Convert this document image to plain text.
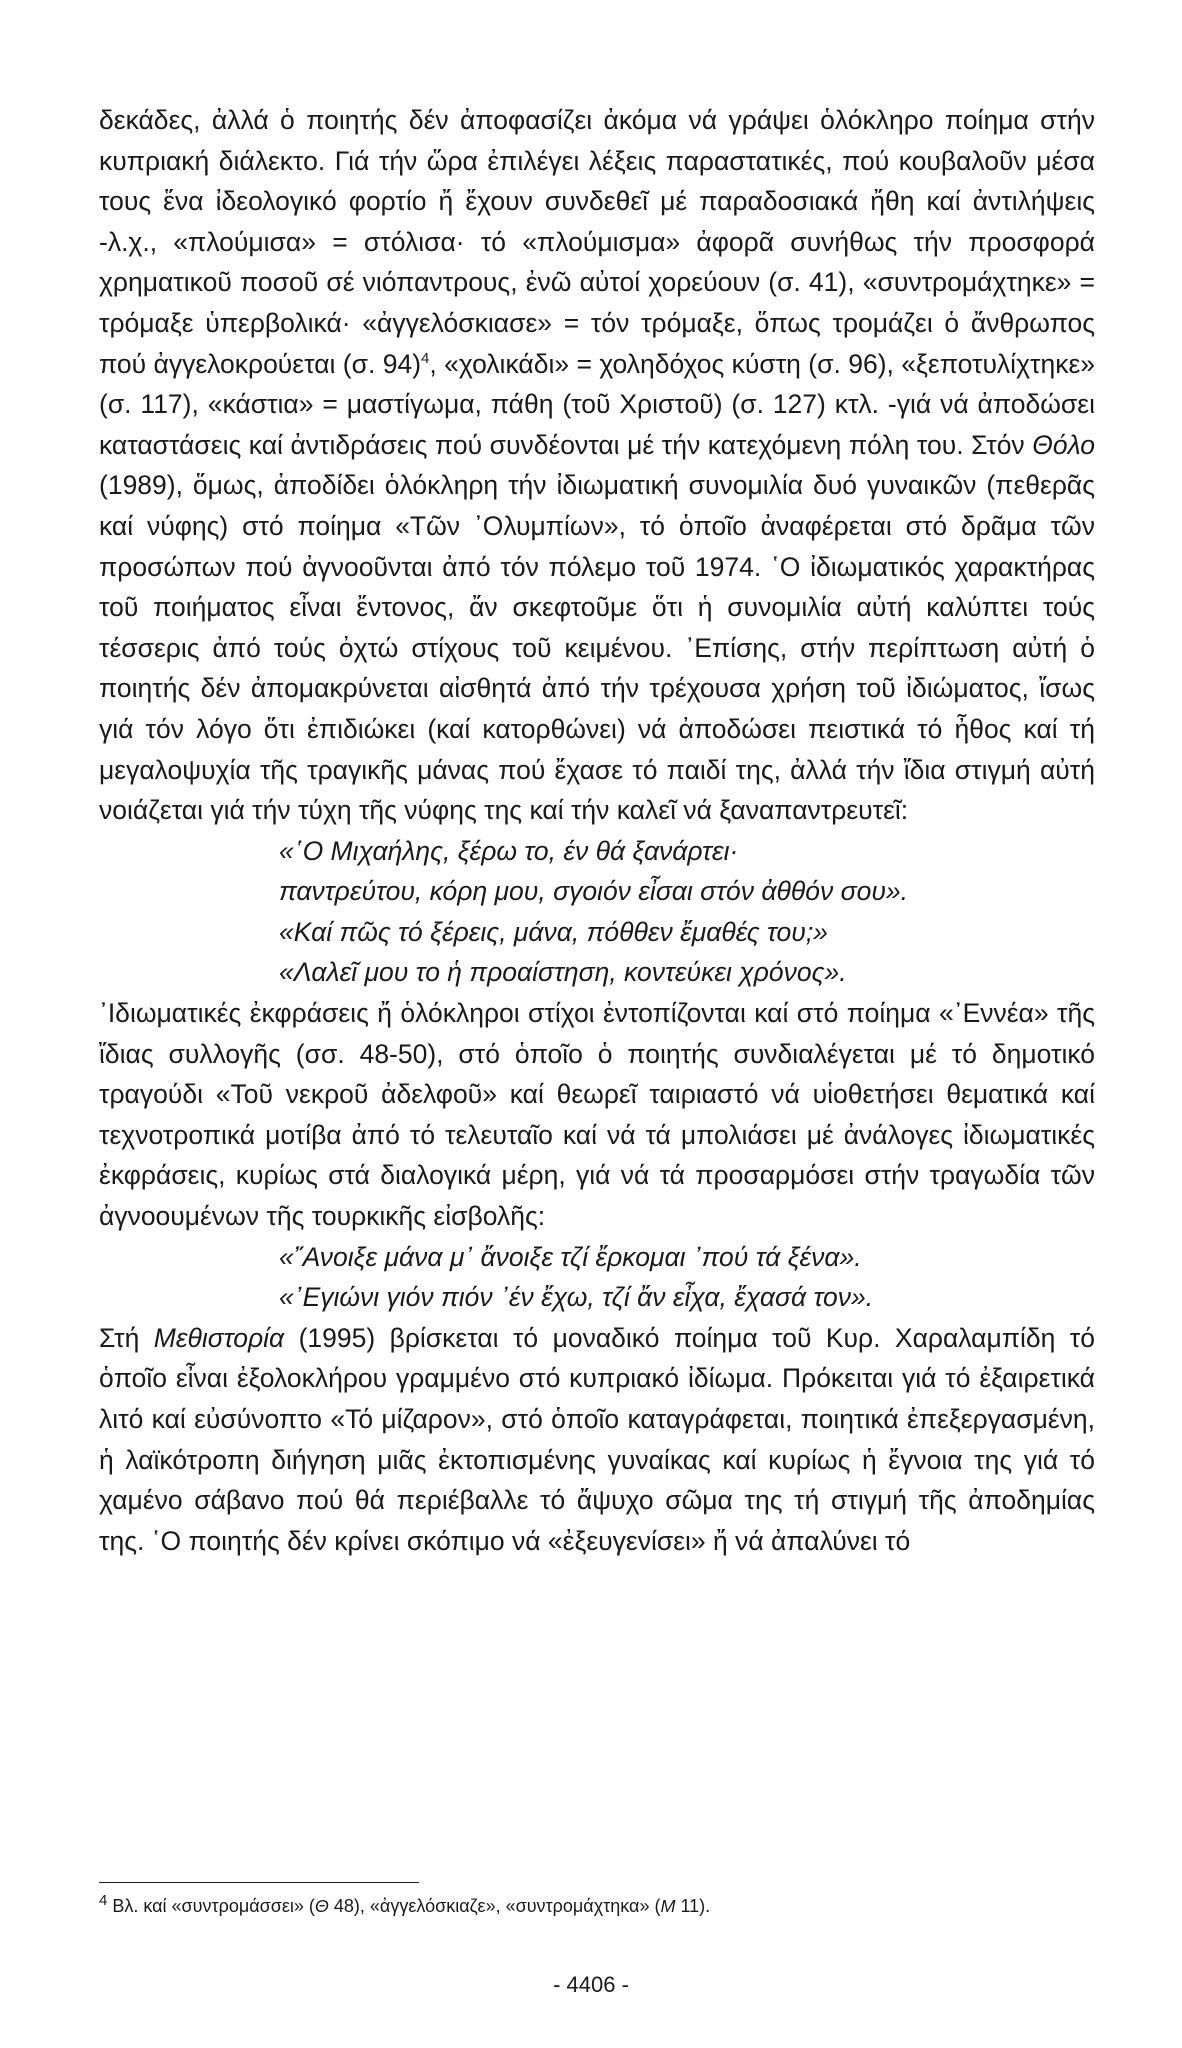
δεκάδες, ἀλλά ὁ ποιητής δέν ἀποφασίζει ἀκόμα νά γράψει ὁλόκληρο ποίημα στήν κυπριακή διάλεκτο. Γιά τήν ὥρα ἐπιλέγει λέξεις παραστατικές, πού κουβαλοῦν μέσα τους ἕνα ἰδεολογικό φορτίο ἤ ἔχουν συνδεθεῖ μέ παραδοσιακά ἤθη καί ἀντιλήψεις -λ.χ., «πλούμισα» = στόλισα· τό «πλούμισμα» ἀφορᾶ συνήθως τήν προσφορά χρηματικοῦ ποσοῦ σέ νιόπαντρους, ἐνῶ αὐτοί χορεύουν (σ. 41), «συντρομάχτηκε» = τρόμαξε ὑπερβολικά· «ἀγγελόσκιασε» = τόν τρόμαξε, ὅπως τρομάζει ὁ ἄνθρωπος πού ἀγγελοκρούεται (σ. 94)$^4$, «χολικάδι» = χοληδόχος κύστη (σ. 96), «ξεποτυλίχτηκε» (σ. 117), «κάστια» = μαστίγωμα, πάθη (τοῦ Χριστοῦ) (σ. 127) κτλ. -γιά νά ἀποδώσει καταστάσεις καί ἀντιδράσεις πού συνδέονται μέ τήν κατεχόμενη πόλη του. Στόν Θόλο (1989), ὅμως, ἀποδίδει ὁλόκληρη τήν ἰδιωματική συνομιλία δυό γυναικῶν (πεθερᾶς καί νύφης) στό ποίημα «Τῶν ᾿Ολυμπίων», τό ὁποῖο ἀναφέρεται στό δρᾶμα τῶν προσώπων πού ἀγνοοῦνται ἀπό τόν πόλεμο τοῦ 1974. ῾Ο ἰδιωματικός χαρακτήρας τοῦ ποιήματος εἶναι ἔντονος, ἄν σκεφτοῦμε ὅτι ἡ συνομιλία αὐτή καλύπτει τούς τέσσερις ἀπό τούς ὀχτώ στίχους τοῦ κειμένου. ᾿Επίσης, στήν περίπτωση αὐτή ὁ ποιητής δέν ἀπομακρύνεται αἰσθητά ἀπό τήν τρέχουσα χρήση τοῦ ἰδιώματος, ἴσως γιά τόν λόγο ὅτι ἐπιδιώκει (καί κατορθώνει) νά ἀποδώσει πειστικά τό ἦθος καί τή μεγαλοψυχία τῆς τραγικῆς μάνας πού ἔχασε τό παιδί της, ἀλλά τήν ἴδια στιγμή αὐτή νοιάζεται γιά τήν τύχη τῆς νύφης της καί τήν καλεῖ νά ξαναπαντρευτεῖ:

«῾Ο Μιχαήλης, ξέρω το, έν θά ξανάρτει·
παντρεύτου, κόρη μου, σγοιόν εἶσαι στόν ἀθθόν σου».
«Καί πῶς τό ξέρεις, μάνα, πόθθεν ἔμαθές του;»
«Λαλεῖ μου το ἡ προαίστηση, κοντεύκει χρόνος».

᾿Ιδιωματικές ἐκφράσεις ἤ ὁλόκληροι στίχοι ἐντοπίζονται καί στό ποίημα «᾿Εννέα» τῆς ἴδιας συλλογῆς (σσ. 48-50), στό ὁποῖο ὁ ποιητής συνδιαλέγεται μέ τό δημοτικό τραγούδι «Τοῦ νεκροῦ ἀδελφοῦ» καί θεωρεῖ ταιριαστό νά υἱοθετήσει θεματικά καί τεχνοτροπικά μοτίβα ἀπό τό τελευταῖο καί νά τά μπολιάσει μέ ἀνάλογες ἰδιωματικές ἐκφράσεις, κυρίως στά διαλογικά μέρη, γιά νά τά προσαρμόσει στήν τραγωδία τῶν ἀγνοουμένων τῆς τουρκικῆς εἰσβολῆς:

«῎Ανοιξε μάνα μ᾿ ἄνοιξε τζί ἔρκομαι ᾿πού τά ξένα».
«᾿Εγιώνι γιόν πιόν ᾿έν ἔχω, τζί ἄν εἶχα, ἔχασά τον».

Στή Μεθιστορία (1995) βρίσκεται τό μοναδικό ποίημα τοῦ Κυρ. Χαραλαμπίδη τό ὁποῖο εἶναι ἐξολοκλήρου γραμμένο στό κυπριακό ἰδίωμα. Πρόκειται γιά τό ἐξαιρετικά λιτό καί εὐσύνοπτο «Τό μίζαρον», στό ὁποῖο καταγράφεται, ποιητικά ἐπεξεργασμένη, ἡ λαϊκότροπη διήγηση μιᾶς ἐκτοπισμένης γυναίκας καί κυρίως ἡ ἔγνοια της γιά τό χαμένο σάβανο πού θά περιέβαλλε τό ἄψυχο σῶμα της τή στιγμή τῆς ἀποδημίας της. ῾Ο ποιητής δέν κρίνει σκόπιμο νά «ἐξευγενίσει» ἤ νά ἀπαλύνει τό

$^4$ Βλ. καί «συντρομάσσει» (Θ 48), «ἀγγελόσκιαζε», «συντρομάχτηκα» (Μ 11).
- 4406 -
